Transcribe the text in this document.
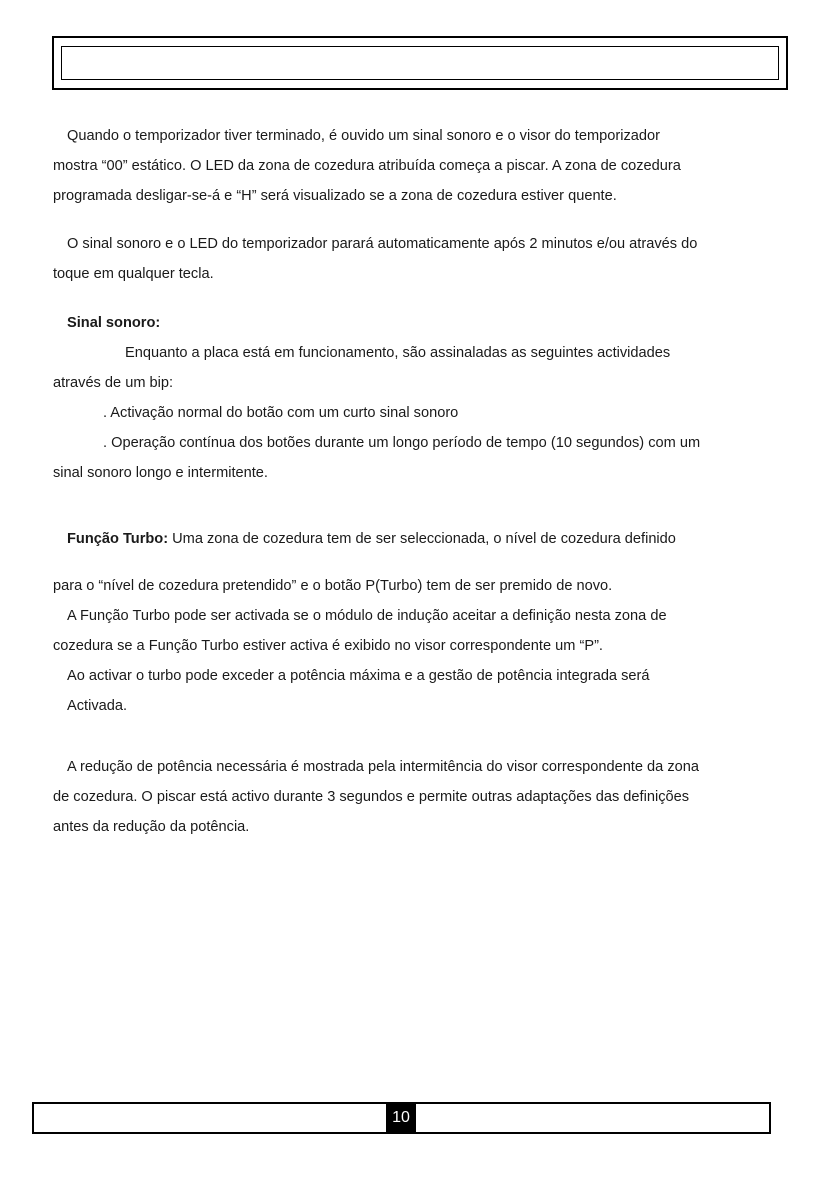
Quando o temporizador tiver terminado, é ouvido um sinal sonoro e o visor do temporizador
mostra “00” estático. O LED da zona de cozedura atribuída começa a piscar. A zona de cozedura
programada desligar-se-á e “H” será visualizado se a zona de cozedura estiver quente.
O sinal sonoro e o LED do temporizador parará automaticamente após 2 minutos e/ou através do
toque em qualquer tecla.
Sinal sonoro:
Enquanto a placa está em funcionamento, são assinaladas as seguintes actividades
através de um bip:
. Activação normal do botão com um curto sinal sonoro
. Operação contínua dos botões durante um longo período de tempo (10 segundos) com um
sinal sonoro longo e intermitente.
Função Turbo: Uma zona de cozedura tem de ser seleccionada, o nível de cozedura definido
para o “nível de cozedura pretendido” e o botão P(Turbo) tem de ser premido de novo.
A Função Turbo pode ser activada se o módulo de indução aceitar a definição nesta zona de
cozedura se a Função Turbo estiver activa é exibido no visor correspondente um “P”.
Ao activar o turbo pode exceder a potência máxima e a gestão de potência integrada será
Activada.
A redução de potência necessária é mostrada pela intermitência do visor correspondente da zona
de cozedura. O piscar está activo durante 3 segundos e permite outras adaptações das definições
antes da redução da potência.
10
